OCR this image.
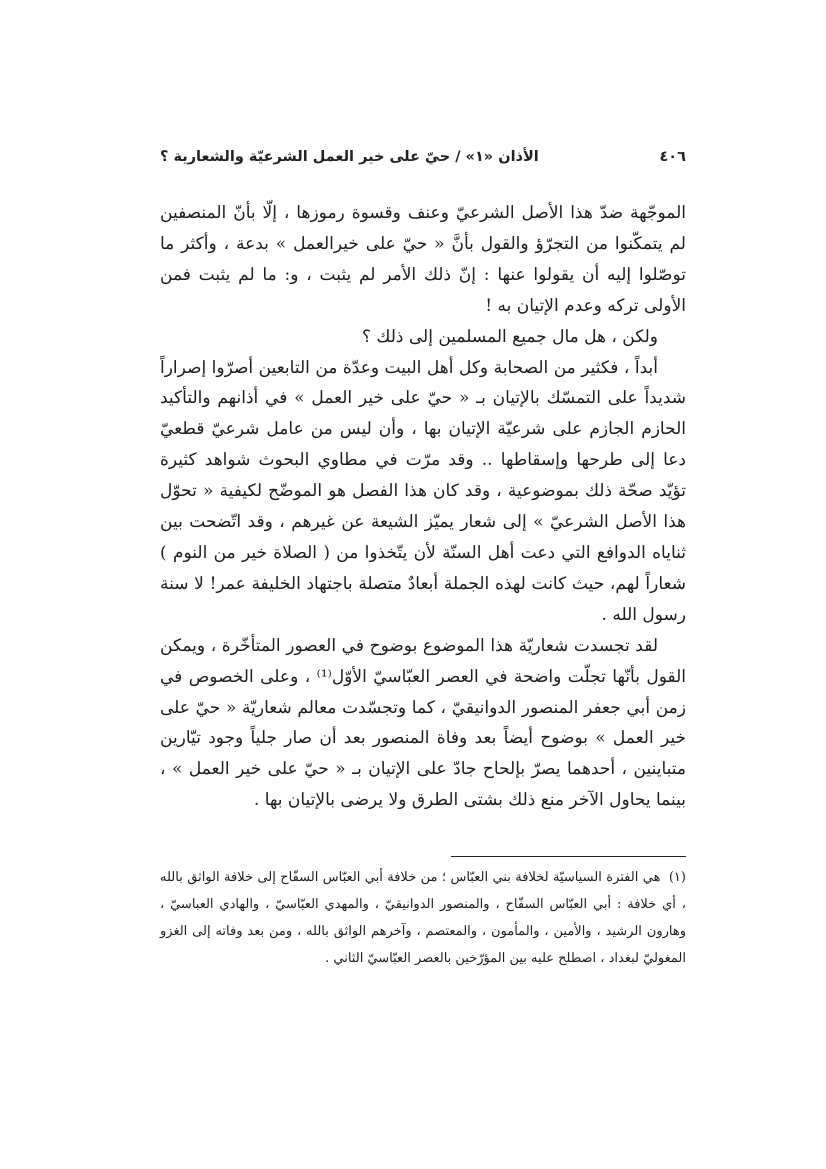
٤٠٦
الأذان «١» / حيّ على خير العمل الشرعيّة والشعارية ؟

الموجّهة ضدّ هذا الأصل الشرعيّ وعنف وقسوة رموزها ، إلّا بأنّ المنصفين لم يتمكّنوا من التجرّؤ والقول بأنَّ « حيّ على خيرالعمل » بدعة ، وأكثر ما توصّلوا إليه أن يقولوا عنها : إنّ ذلك الأمر لم يثبت ، و: ما لم يثبت فمن الأولى تركه وعدم الإتيان به !

ولكن ، هل مال جميع المسلمين إلى ذلك ؟

أبداً ، فكثير من الصحابة وكل أهل البيت وعدّة من التابعين أصرّوا إصراراً شديداً على التمسّك بالإتيان بـ « حيّ على خير العمل » في أذانهم والتأكيد الحازم الجازم على شرعيّة الإتيان بها ، وأن ليس من عامل شرعيّ قطعيّ دعا إلى طرحها وإسقاطها .. وقد مرّت في مطاوي البحوث شواهد كثيرة تؤيّد صحّة ذلك بموضوعية ، وقد كان هذا الفصل هو الموضّح لكيفية « تحوّل هذا الأصل الشرعيّ » إلى شعار يميّز الشيعة عن غيرهم ، وقد اتّضحت بين ثناياه الدوافع التي دعت أهل السنّة لأن يتّخذوا من ( الصلاة خير من النوم ) شعاراً لهم، حيث كانت لهذه الجملة أبعادٌ متصلة باجتهاد الخليفة عمر! لا سنة رسول الله .

لقد تجسدت شعاريّة هذا الموضوع بوضوح في العصور المتأخّرة ، ويمكن القول بأنّها تجلّت واضحة في العصر العبّاسيّ الأوّل⁽¹⁾ ، وعلى الخصوص في زمن أبي جعفر المنصور الدوانيقيّ ، كما وتجسّدت معالم شعاريّة « حيّ على خير العمل » بوضوح أيضاً بعد وفاة المنصور بعد أن صار جلياً وجود تيّارين متباينين ، أحدهما يصرّ بإلحاح جادّ على الإتيان بـ « حيّ على خير العمل » ، بينما يحاول الآخر منع ذلك بشتى الطرق ولا يرضى بالإتيان بها .

(١) هي الفترة السياسيّة لخلافة بني العبّاس ؛ من خلافة أبي العبّاس السفّاح إلى خلافة الواثق بالله ، أي خلافة : أبي العبّاس السفّاح ، والمنصور الدوانيقيّ ، والمهدي العبّاسيّ ، والهادي العباسيّ ، وهارون الرشيد ، والأمين ، والمأمون ، والمعتصم ، وآخرهم الواثق بالله ، ومن بعد وفاته إلى الغزو المغوليّ لبغداد ، اصطلح عليه بين المؤرّخين بالعصر العبّاسيّ الثاني .
